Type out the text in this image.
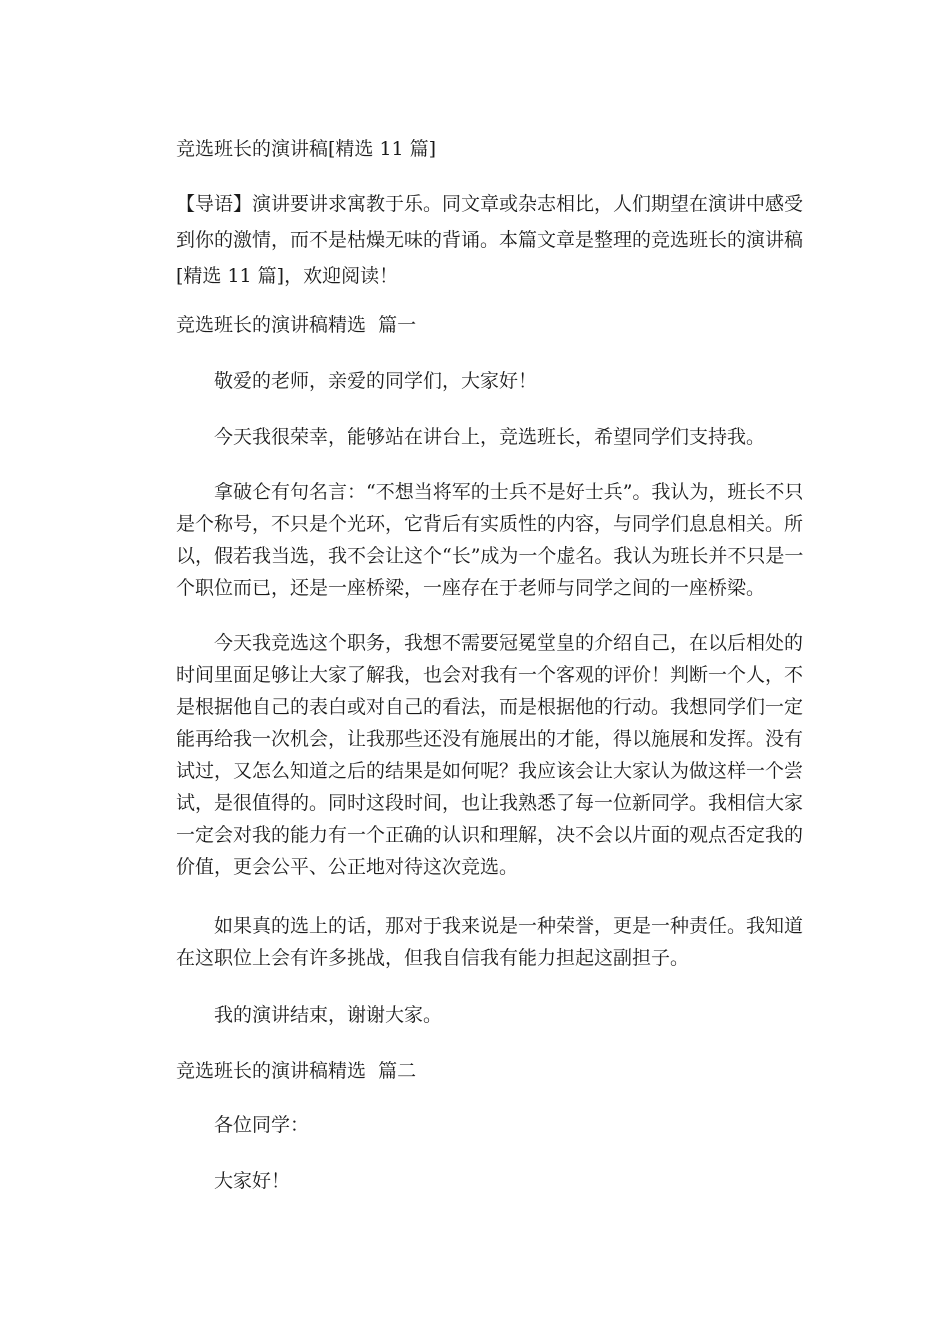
竞选班长的演讲稿[精选 11 篇]

【导语】演讲要讲求寓教于乐。同文章或杂志相比，人们期望在演讲中感受到你的激情，而不是枯燥无味的背诵。本篇文章是整理的竞选班长的演讲稿[精选 11 篇]，欢迎阅读！

竞选班长的演讲稿精选  篇一

敬爱的老师，亲爱的同学们，大家好！

今天我很荣幸，能够站在讲台上，竞选班长，希望同学们支持我。

拿破仑有句名言：“不想当将军的士兵不是好士兵”。我认为，班长不只是个称号，不只是个光环，它背后有实质性的内容，与同学们息息相关。所以，假若我当选，我不会让这个“长”成为一个虚名。我认为班长并不只是一个职位而已，还是一座桥梁，一座存在于老师与同学之间的一座桥梁。

今天我竞选这个职务，我想不需要冠冕堂皇的介绍自己，在以后相处的时间里面足够让大家了解我，也会对我有一个客观的评价！判断一个人，不是根据他自己的表白或对自己的看法，而是根据他的行动。我想同学们一定能再给我一次机会，让我那些还没有施展出的才能，得以施展和发挥。没有试过，又怎么知道之后的结果是如何呢？我应该会让大家认为做这样一个尝试，是很值得的。同时这段时间，也让我熟悉了每一位新同学。我相信大家一定会对我的能力有一个正确的认识和理解，决不会以片面的观点否定我的价值，更会公平、公正地对待这次竞选。

如果真的选上的话，那对于我来说是一种荣誉，更是一种责任。我知道在这职位上会有许多挑战，但我自信我有能力担起这副担子。

我的演讲结束，谢谢大家。

竞选班长的演讲稿精选  篇二

各位同学：

大家好！
